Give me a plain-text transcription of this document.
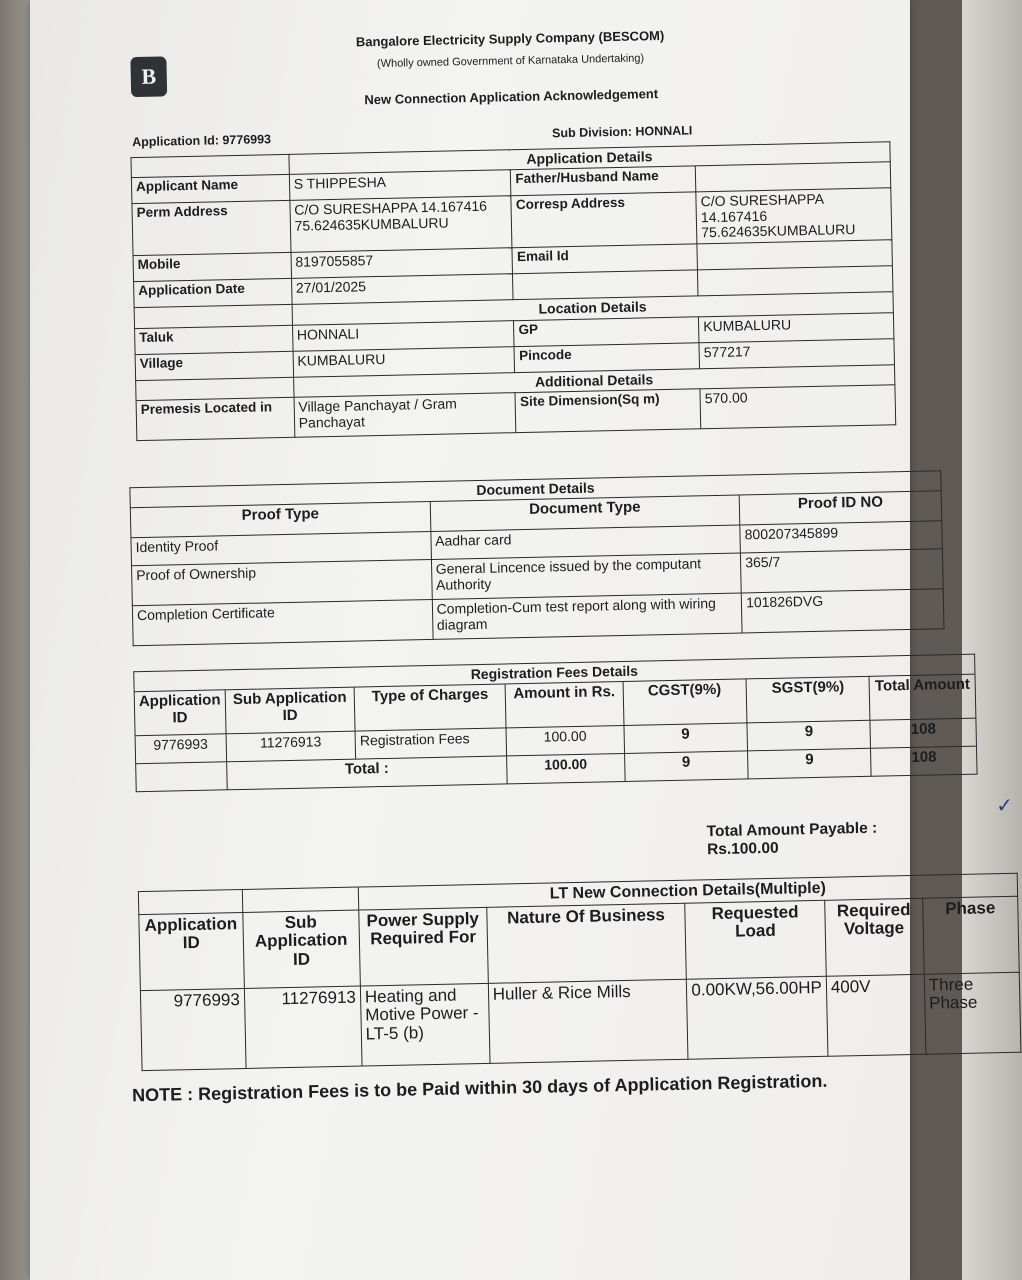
B
Bangalore Electricity Supply Company (BESCOM)
(Wholly owned Government of Karnataka Undertaking)
New Connection Application Acknowledgement
Application Id: 9776993
Sub Division: HONNALI
	Application Details		
Applicant Name	S THIPPESHA	Father/Husband Name	
Perm Address	C/O SURESHAPPA 14.167416 75.624635KUMBALURU	Corresp Address	C/O SURESHAPPA 14.167416 75.624635KUMBALURU
Mobile	8197055857	Email Id	
Application Date	27/01/2025		
	Location Details		
Taluk	HONNALI	GP	KUMBALURU
Village	KUMBALURU	Pincode	577217
	Additional Details		
Premesis Located in	Village Panchayat / Gram Panchayat	Site Dimension(Sq m)	570.00
Document Details		
Proof Type	Document Type	Proof ID NO
Identity Proof	Aadhar card	800207345899
Proof of Ownership	General Lincence issued by the computant Authority	365/7
Completion Certificate	Completion-Cum test report along with wiring diagram	101826DVG
Registration Fees Details						
Application ID	Sub Application ID	Type of Charges	Amount in Rs.	CGST(9%)	SGST(9%)	Total Amount
9776993	11276913	Registration Fees	100.00	9	9	108
	Total :		100.00	9	9	108
Total Amount Payable : Rs.100.00
✓
		LT New Connection Details(Multiple)				
Application ID	Sub Application ID	Power Supply Required For	Nature Of Business	Requested Load	Required Voltage	Phase
9776993	11276913	Heating and Motive Power - LT-5 (b)	Huller & Rice Mills	0.00KW,56.00HP	400V	Three Phase
NOTE : Registration Fees is to be Paid within 30 days of Application Registration.
